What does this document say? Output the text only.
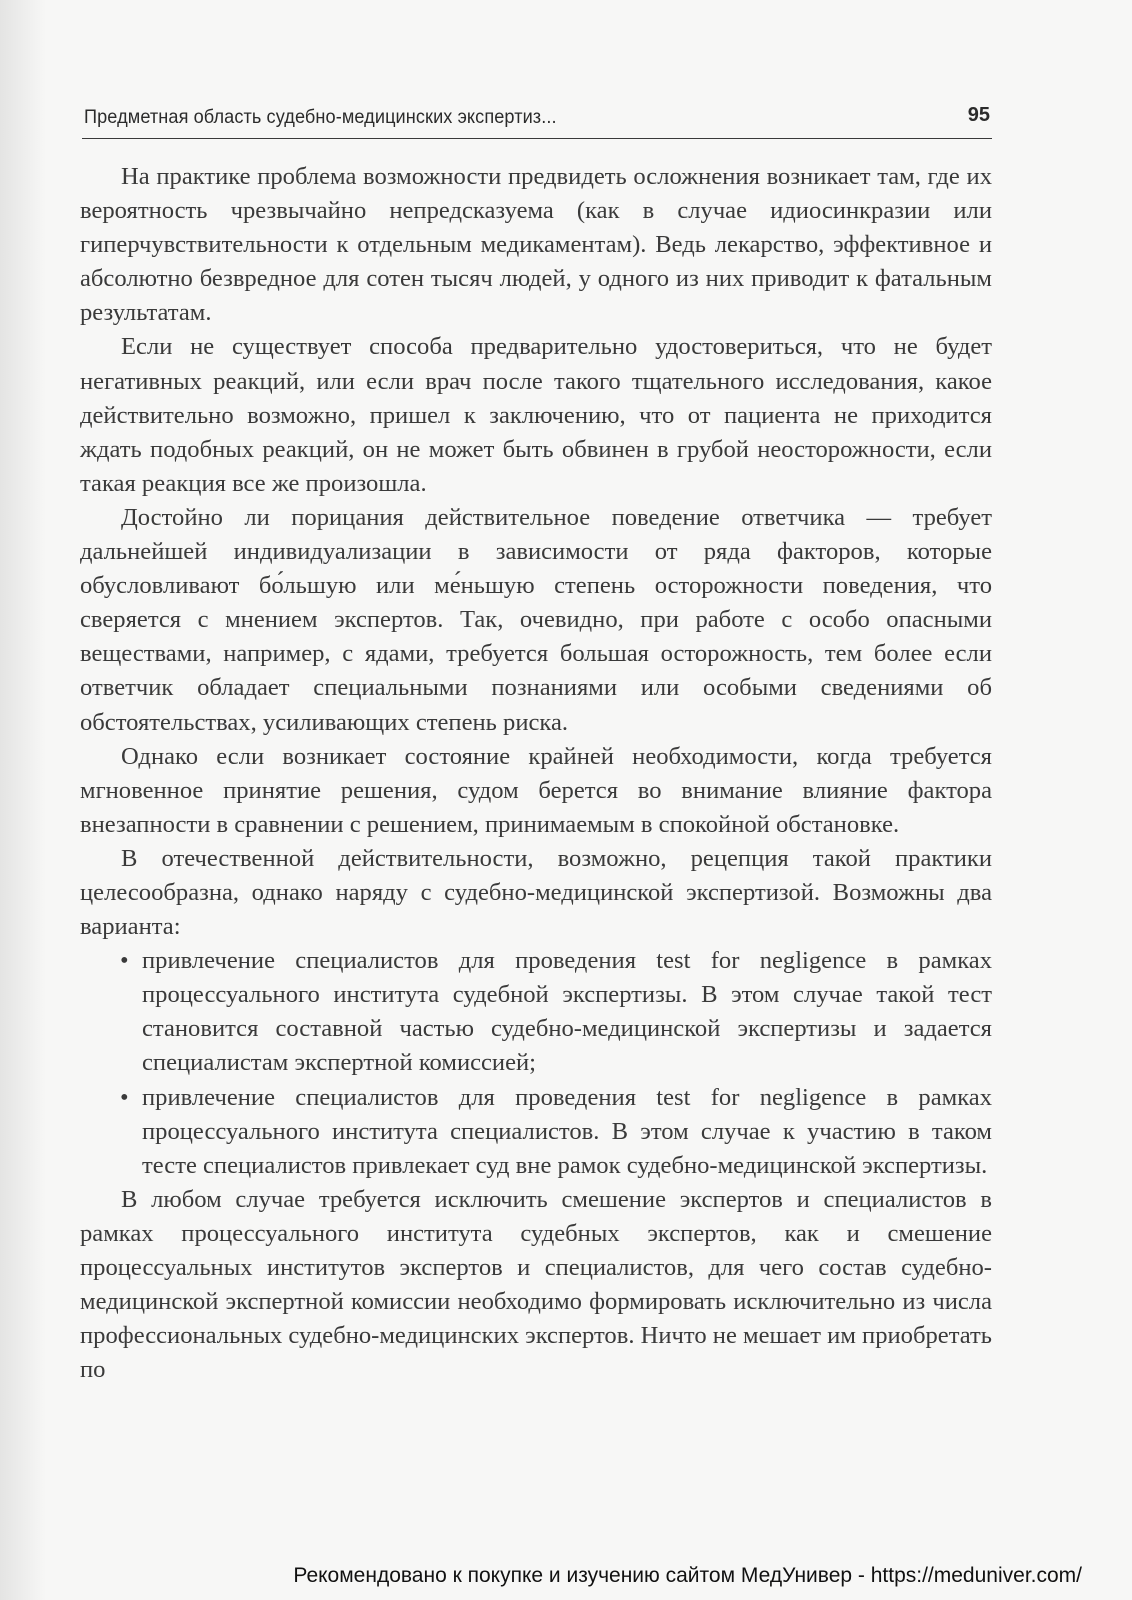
Предметная область судебно-медицинских экспертиз...	95

На практике проблема возможности предвидеть осложнения возникает там, где их вероятность чрезвычайно непредсказуема (как в случае идиосинкразии или гиперчувствительности к отдельным медикаментам). Ведь лекарство, эффективное и абсолютно безвредное для сотен тысяч людей, у одного из них приводит к фатальным результатам.

Если не существует способа предварительно удостовериться, что не будет негативных реакций, или если врач после такого тщательного исследования, какое действительно возможно, пришел к заключению, что от пациента не приходится ждать подобных реакций, он не может быть обвинен в грубой неосторожности, если такая реакция все же произошла.

Достойно ли порицания действительное поведение ответчика — требует дальнейшей индивидуализации в зависимости от ряда факторов, которые обусловливают бо́льшую или ме́ньшую степень осторожности поведения, что сверяется с мнением экспертов. Так, очевидно, при работе с особо опасными веществами, например, с ядами, требуется большая осторожность, тем более если ответчик обладает специальными познаниями или особыми сведениями об обстоятельствах, усиливающих степень риска.

Однако если возникает состояние крайней необходимости, когда требуется мгновенное принятие решения, судом берется во внимание влияние фактора внезапности в сравнении с решением, принимаемым в спокойной обстановке.

В отечественной действительности, возможно, рецепция такой практики целесообразна, однако наряду с судебно-медицинской экспертизой. Возможны два варианта:

• привлечение специалистов для проведения test for negligence в рамках процессуального института судебной экспертизы. В этом случае такой тест становится составной частью судебно-медицинской экспертизы и задается специалистам экспертной комиссией;
• привлечение специалистов для проведения test for negligence в рамках процессуального института специалистов. В этом случае к участию в таком тесте специалистов привлекает суд вне рамок судебно-медицинской экспертизы.

В любом случае требуется исключить смешение экспертов и специалистов в рамках процессуального института судебных экспертов, как и смешение процессуальных институтов экспертов и специалистов, для чего состав судебно-медицинской экспертной комиссии необходимо формировать исключительно из числа профессиональных судебно-медицинских экспертов. Ничто не мешает им приобретать по

Рекомендовано к покупке и изучению сайтом МедУнивер - https://meduniver.com/
